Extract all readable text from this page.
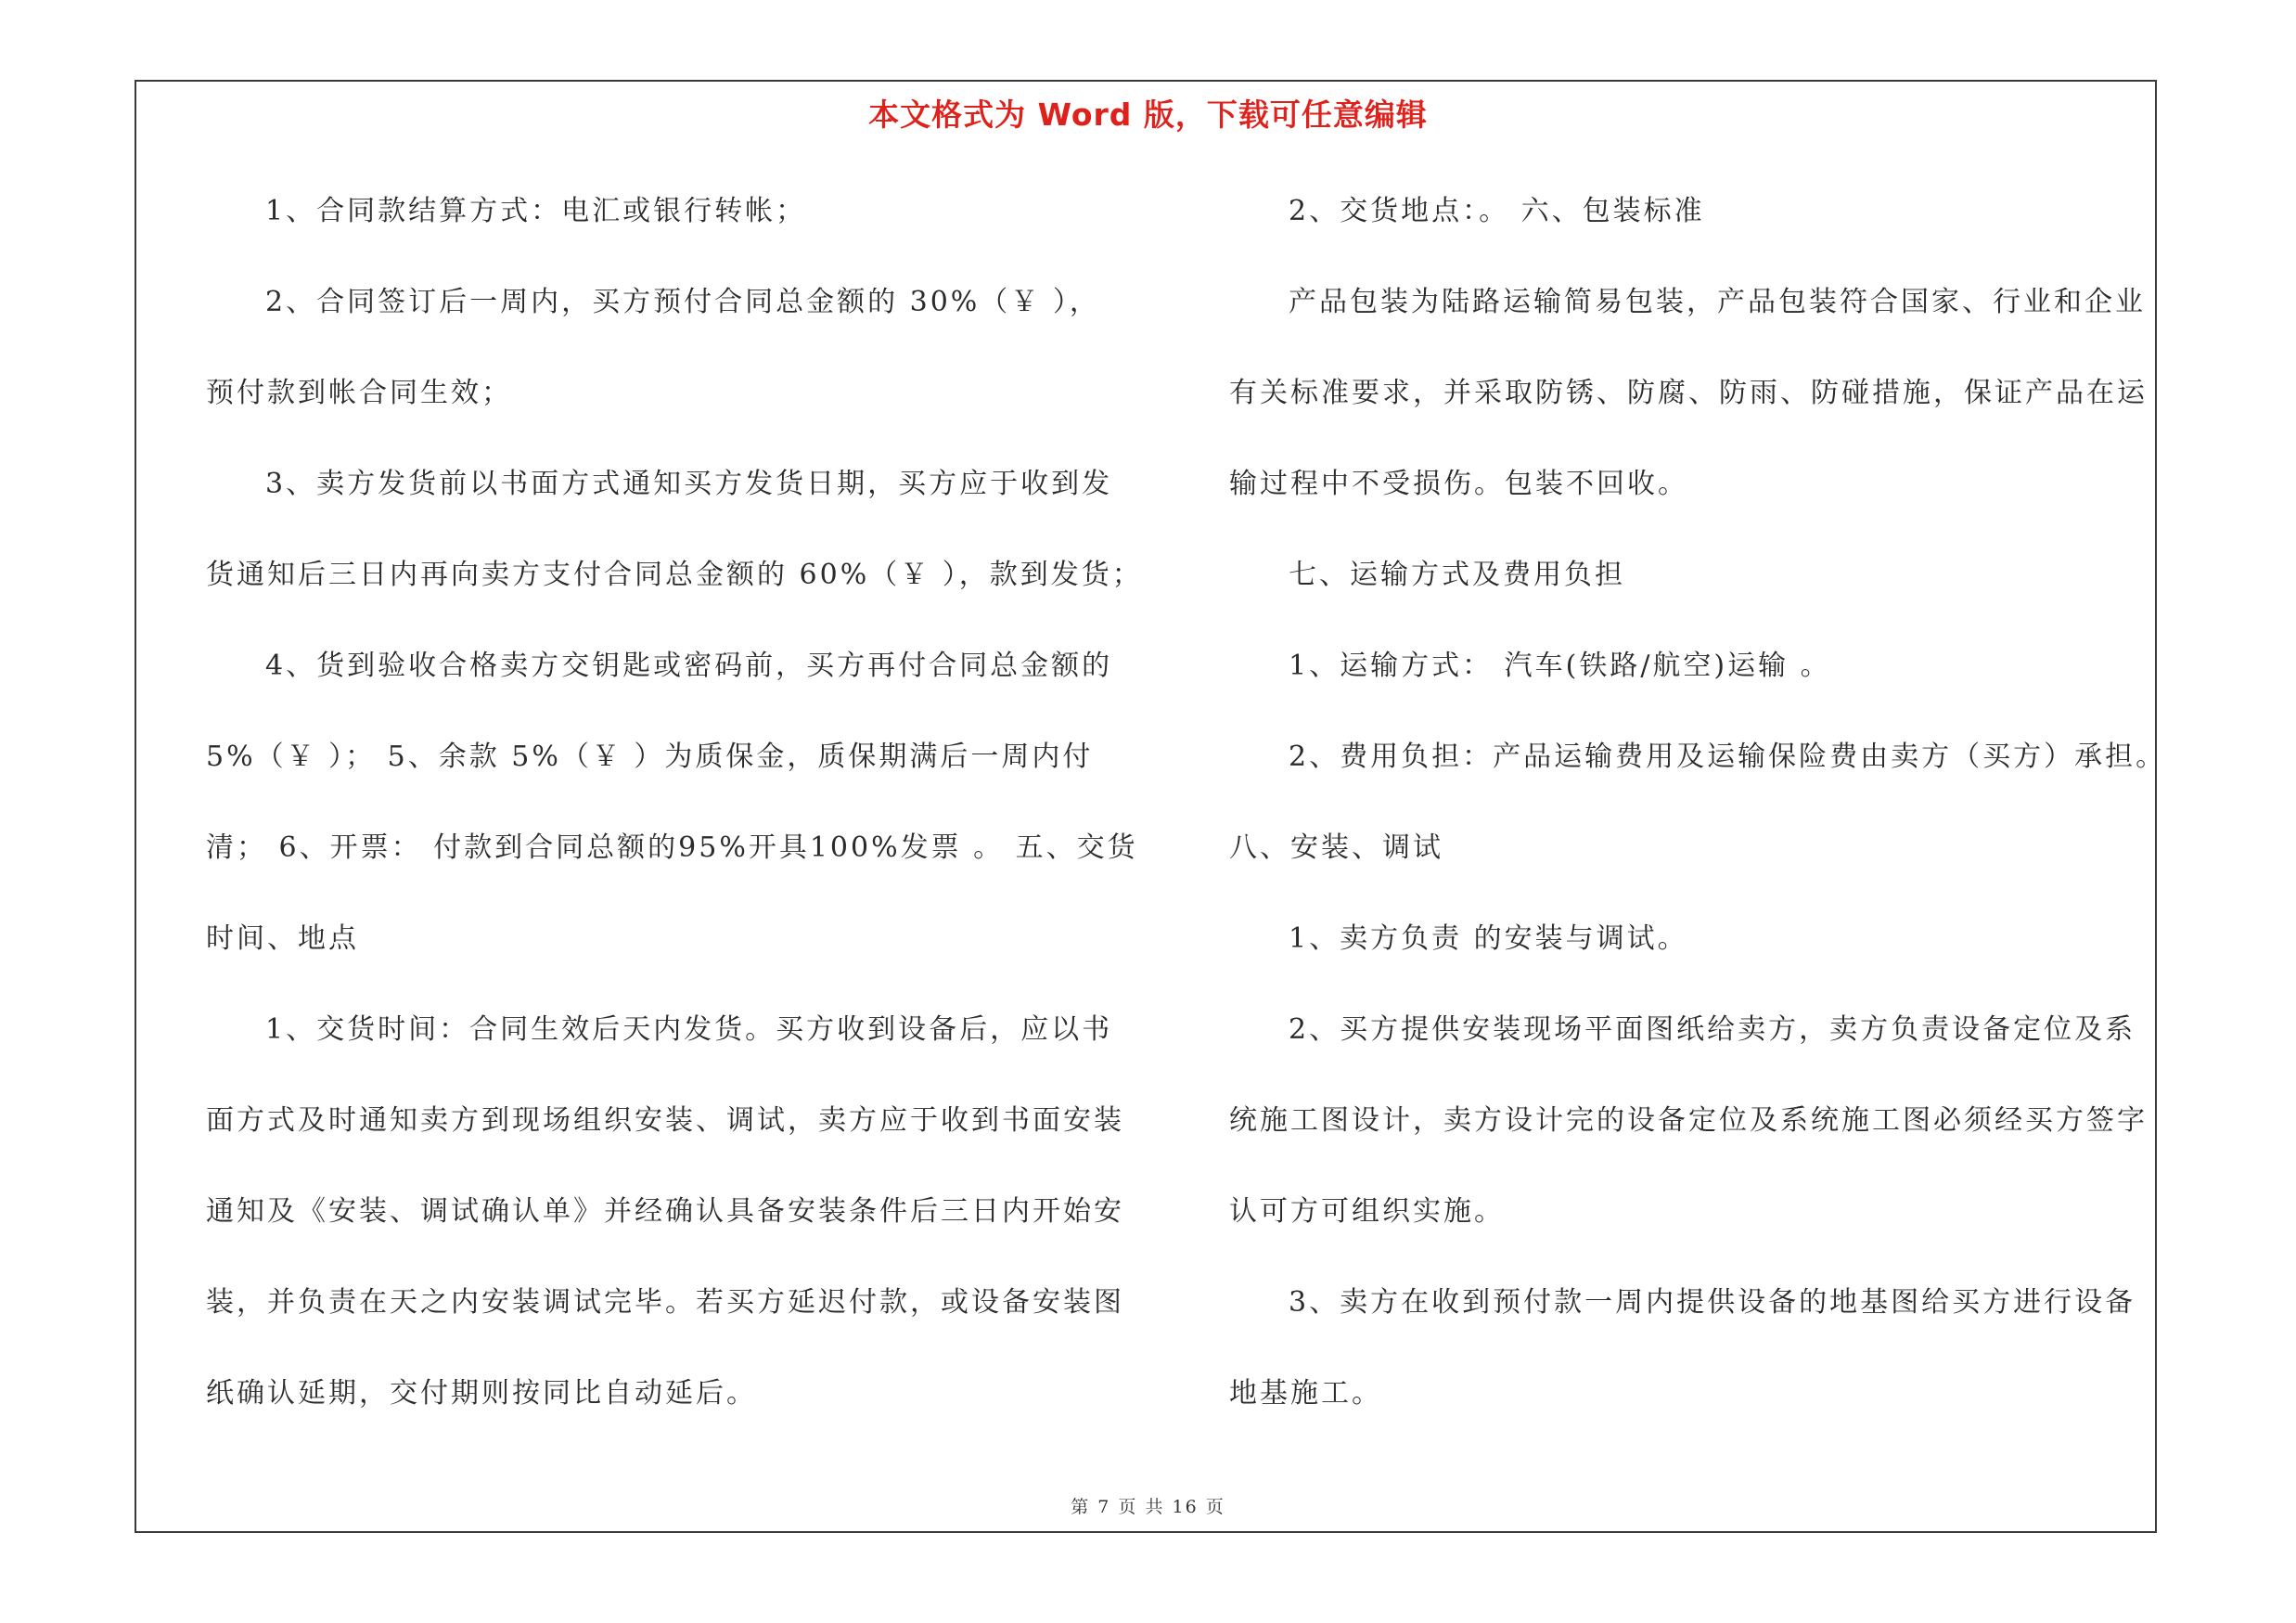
本文格式为 Word 版，下载可任意编辑

1、合同款结算方式：电汇或银行转帐；

2、合同签订后一周内，买方预付合同总金额的 30%（￥ ），

预付款到帐合同生效；

3、卖方发货前以书面方式通知买方发货日期，买方应于收到发

货通知后三日内再向卖方支付合同总金额的 60%（￥ ），款到发货；

4、货到验收合格卖方交钥匙或密码前，买方再付合同总金额的

5%（￥ ）； 5、余款 5%（￥ ）为质保金，质保期满后一周内付

清； 6、开票： 付款到合同总额的95%开具100%发票 。 五、交货

时间、地点

1、交货时间：合同生效后天内发货。买方收到设备后，应以书

面方式及时通知卖方到现场组织安装、调试，卖方应于收到书面安装

通知及《安装、调试确认单》并经确认具备安装条件后三日内开始安

装，并负责在天之内安装调试完毕。若买方延迟付款，或设备安装图

纸确认延期，交付期则按同比自动延后。

2、交货地点：。 六、包装标准

产品包装为陆路运输简易包装，产品包装符合国家、行业和企业

有关标准要求，并采取防锈、防腐、防雨、防碰措施，保证产品在运

输过程中不受损伤。包装不回收。

七、运输方式及费用负担

1、运输方式： 汽车(铁路/航空)运输 。

2、费用负担：产品运输费用及运输保险费由卖方（买方）承担。

八、安装、调试

1、卖方负责 的安装与调试。

2、买方提供安装现场平面图纸给卖方，卖方负责设备定位及系

统施工图设计，卖方设计完的设备定位及系统施工图必须经买方签字

认可方可组织实施。

3、卖方在收到预付款一周内提供设备的地基图给买方进行设备

地基施工。

第 7 页 共 16 页
